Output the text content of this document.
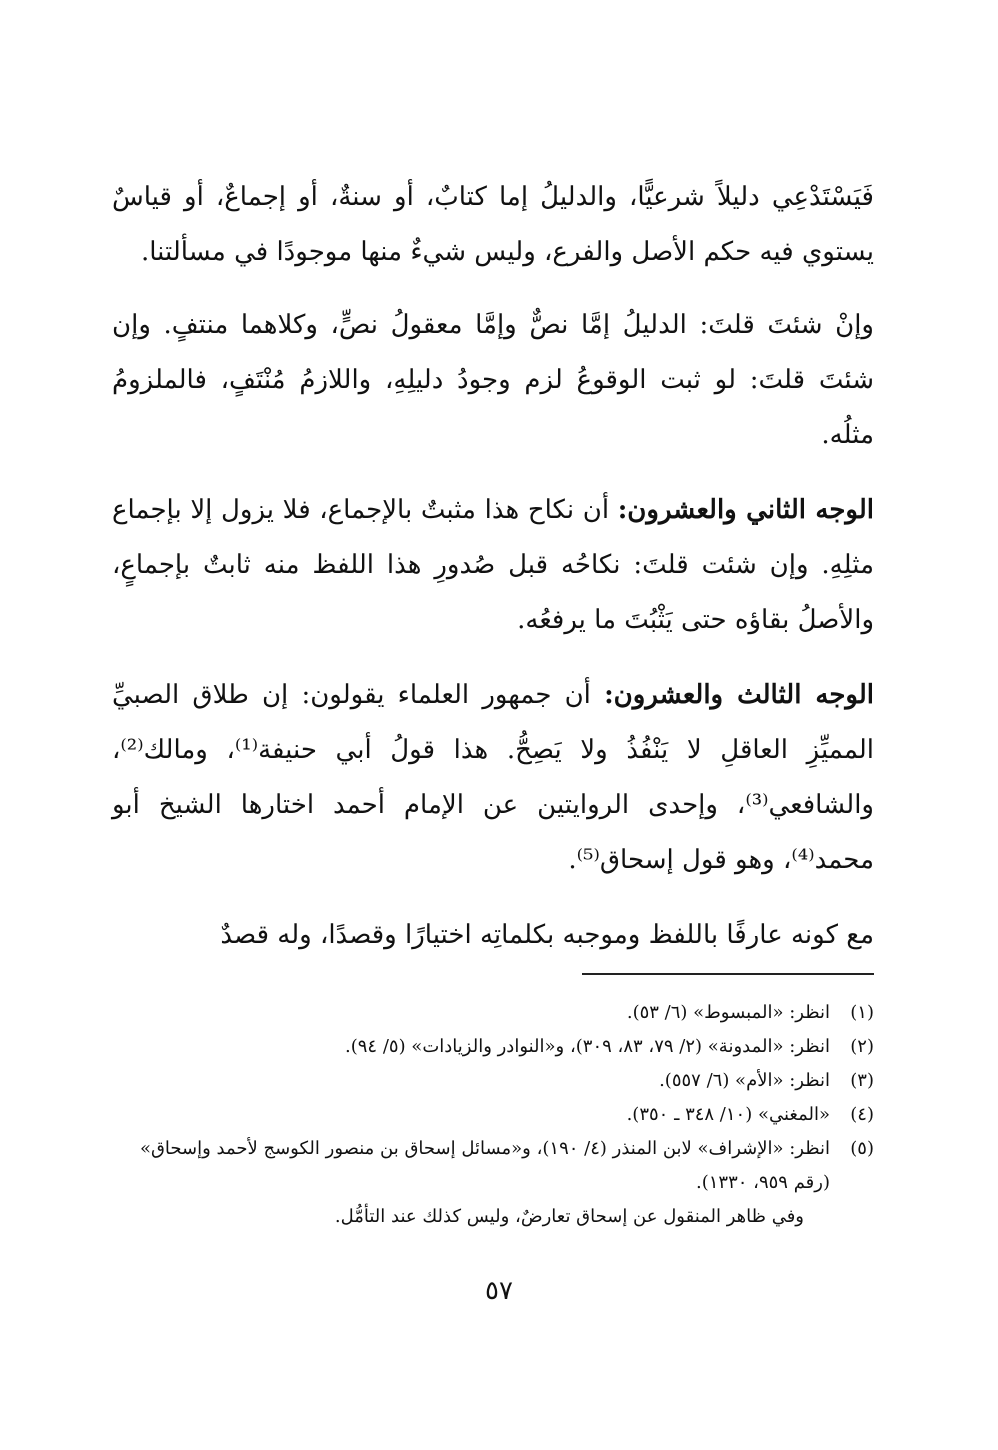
فَيَسْتَدْعِي دليلاً شرعيًّا، والدليلُ إما كتابٌ، أو سنةٌ، أو إجماعٌ، أو قياسٌ يستوي فيه حكم الأصل والفرع، وليس شيءٌ منها موجودًا في مسألتنا.

وإنْ شئتَ قلتَ: الدليلُ إمَّا نصٌّ وإمَّا معقولُ نصٍّ، وكلاهما منتفٍ. وإن شئتَ قلتَ: لو ثبت الوقوعُ لزم وجودُ دليلِهِ، واللازمُ مُنْتَفٍ، فالملزومُ مثلُه.

الوجه الثاني والعشرون: أن نكاح هذا مثبتٌ بالإجماع، فلا يزول إلا بإجماع مثلِهِ. وإن شئت قلتَ: نكاحُه قبل صُدورِ هذا اللفظ منه ثابتٌ بإجماعٍ، والأصلُ بقاؤه حتى يَثْبُتَ ما يرفعُه.

الوجه الثالث والعشرون: أن جمهور العلماء يقولون: إن طلاق الصبيِّ المميِّزِ العاقلِ لا يَنْفُذُ ولا يَصِحُّ. هذا قولُ أبي حنيفة⁽¹⁾، ومالك⁽²⁾، والشافعي⁽³⁾، وإحدى الروايتين عن الإمام أحمد اختارها الشيخ أبو محمد⁽⁴⁾، وهو قول إسحاق⁽⁵⁾.

مع كونه عارفًا باللفظ وموجبه بكلماتِه اختيارًا وقصدًا، وله قصدٌ

(١)
انظر: «المبسوط» (٦/ ٥٣).
(٢)
انظر: «المدونة» (٢/ ٧٩، ٨٣، ٣٠٩)، و«النوادر والزيادات» (٥/ ٩٤).
(٣)
انظر: «الأم» (٦/ ٥٥٧).
(٤)
«المغني» (١٠/ ٣٤٨ ـ ٣٥٠).
(٥)
انظر: «الإشراف» لابن المنذر (٤/ ١٩٠)، و«مسائل إسحاق بن منصور الكوسج لأحمد وإسحاق» (رقم ٩٥٩، ١٣٣٠).
وفي ظاهر المنقول عن إسحاق تعارضٌ، وليس كذلك عند التأمُّل.
٥٧
